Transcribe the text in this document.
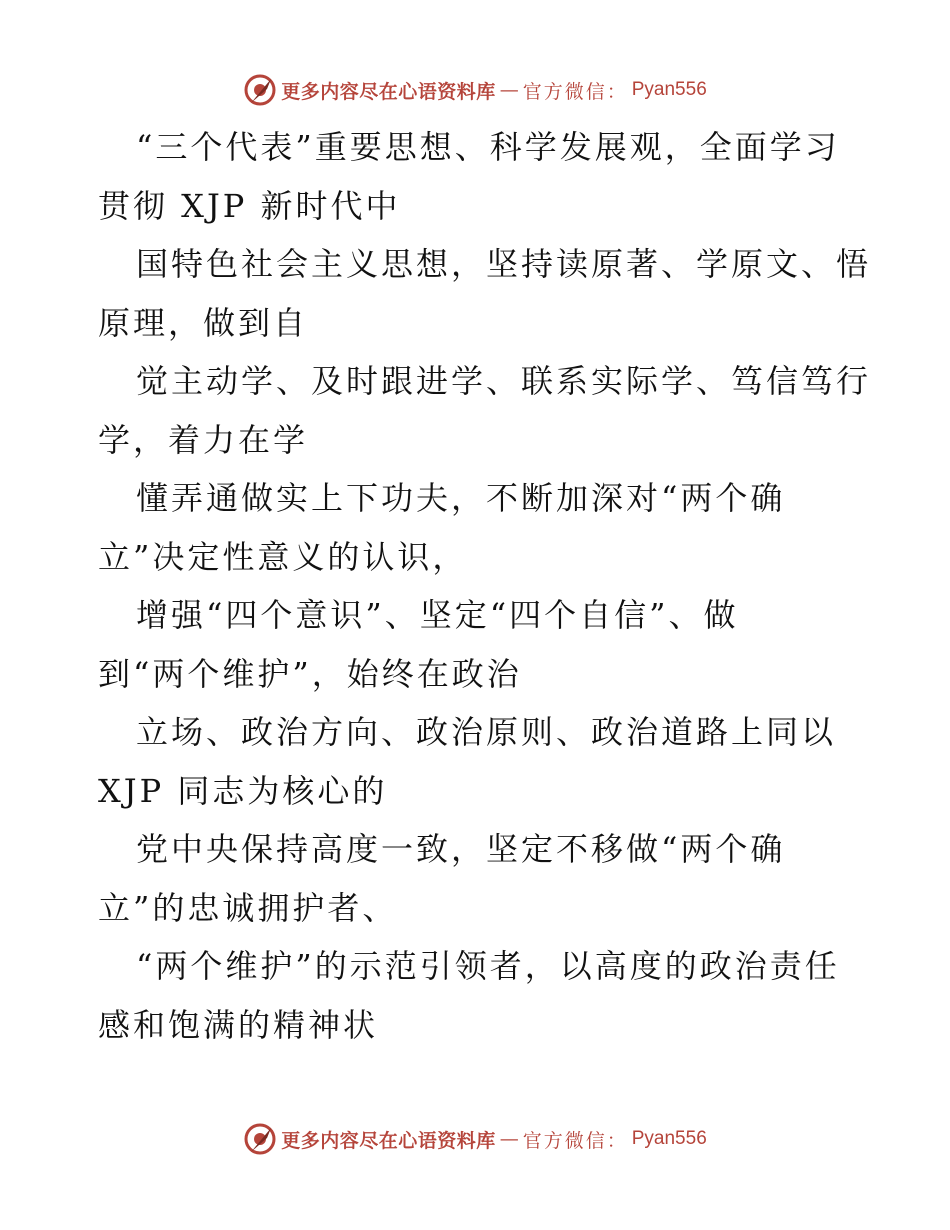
更多内容尽在心语资料库 — 官方微信： Pyan556
“三个代表”重要思想、科学发展观，全面学习
贯彻 XJP 新时代中
国特色社会主义思想，坚持读原著、学原文、悟
原理，做到自
觉主动学、及时跟进学、联系实际学、笃信笃行
学，着力在学
懂弄通做实上下功夫，不断加深对“两个确
立”决定性意义的认识，
增强“四个意识”、坚定“四个自信”、做
到“两个维护”，始终在政治
立场、政治方向、政治原则、政治道路上同以
XJP 同志为核心的
党中央保持高度一致，坚定不移做“两个确
立”的忠诚拥护者、
“两个维护”的示范引领者，以高度的政治责任
感和饱满的精神状
更多内容尽在心语资料库 — 官方微信： Pyan556
